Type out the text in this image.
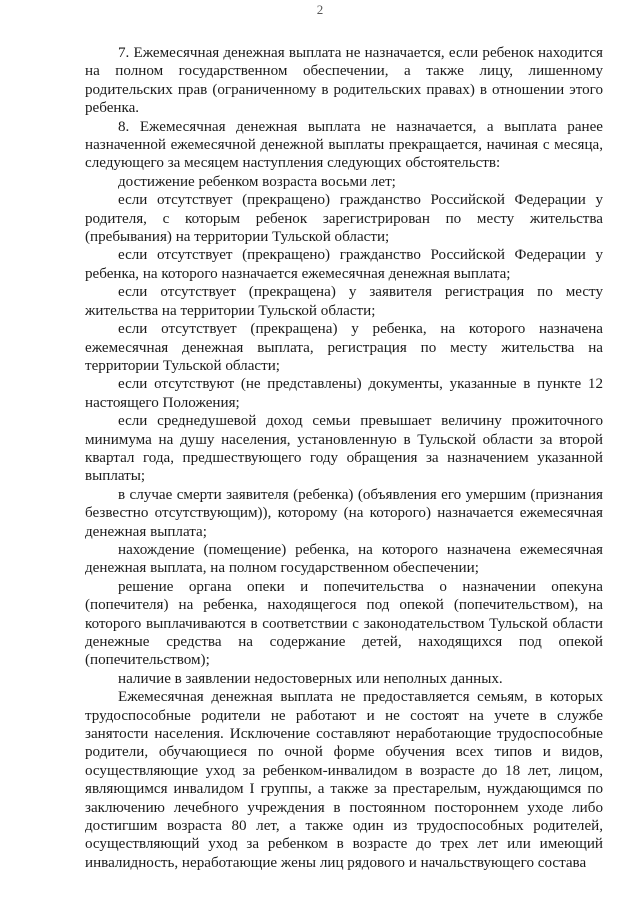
2

7. Ежемесячная денежная выплата не назначается, если ребенок находится на полном государственном обеспечении, а также лицу, лишенному родительских прав (ограниченному в родительских правах) в отношении этого ребенка.

8. Ежемесячная денежная выплата не назначается, а выплата ранее назначенной ежемесячной денежной выплаты прекращается, начиная с месяца, следующего за месяцем наступления следующих обстоятельств:

достижение ребенком возраста восьми лет;

если отсутствует (прекращено) гражданство Российской Федерации у родителя, с которым ребенок зарегистрирован по месту жительства (пребывания) на территории Тульской области;

если отсутствует (прекращено) гражданство Российской Федерации у ребенка, на которого назначается ежемесячная денежная выплата;

если отсутствует (прекращена) у заявителя регистрация по месту жительства на территории Тульской области;

если отсутствует (прекращена) у ребенка, на которого назначена ежемесячная денежная выплата, регистрация по месту жительства на территории Тульской области;

если отсутствуют (не представлены) документы, указанные в пункте 12 настоящего Положения;

если среднедушевой доход семьи превышает величину прожиточного минимума на душу населения, установленную в Тульской области за второй квартал года, предшествующего году обращения за назначением указанной выплаты;

в случае смерти заявителя (ребенка) (объявления его умершим (признания безвестно отсутствующим)), которому (на которого) назначается ежемесячная денежная выплата;

нахождение (помещение) ребенка, на которого назначена ежемесячная денежная выплата, на полном государственном обеспечении;

решение органа опеки и попечительства о назначении опекуна (попечителя) на ребенка, находящегося под опекой (попечительством), на которого выплачиваются в соответствии с законодательством Тульской области денежные средства на содержание детей, находящихся под опекой (попечительством);

наличие в заявлении недостоверных или неполных данных.

Ежемесячная денежная выплата не предоставляется семьям, в которых трудоспособные родители не работают и не состоят на учете в службе занятости населения. Исключение составляют неработающие трудоспособные родители, обучающиеся по очной форме обучения всех типов и видов, осуществляющие уход за ребенком-инвалидом в возрасте до 18 лет, лицом, являющимся инвалидом I группы, а также за престарелым, нуждающимся по заключению лечебного учреждения в постоянном постороннем уходе либо достигшим возраста 80 лет, а также один из трудоспособных родителей, осуществляющий уход за ребенком в возрасте до трех лет или имеющий инвалидность, неработающие жены лиц рядового и начальствующего состава
